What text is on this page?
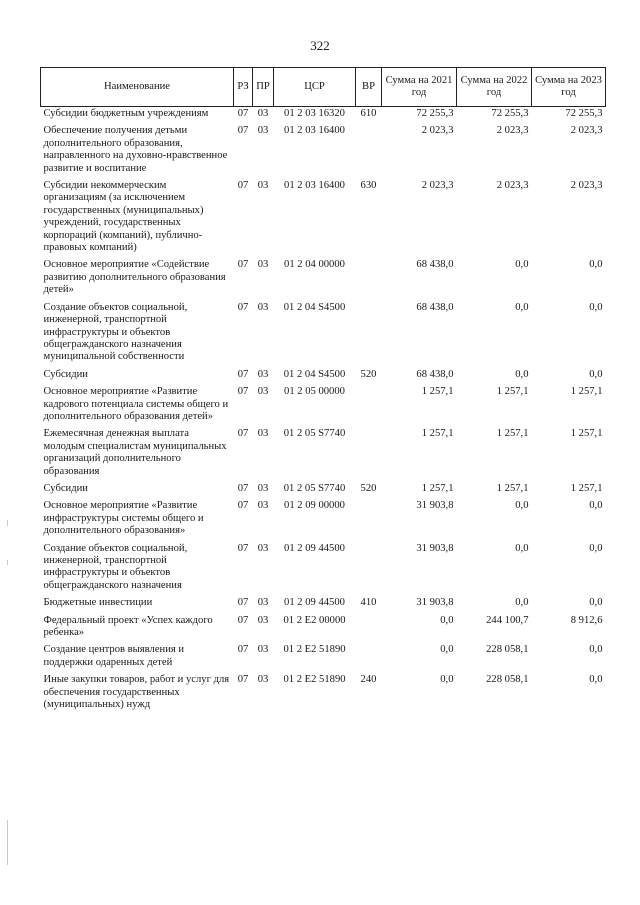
322
Наименование	РЗ	ПР	ЦСР	ВР	Сумма на 2021 год	Сумма на 2022 год	Сумма на 2023 год
Субсидии бюджетным учреждениям	07	03	01 2 03 16320	610	72 255,3	72 255,3	72 255,3
Обеспечение получения детьми дополнительного образования, направленного на духовно-нравственное развитие и воспитание	07	03	01 2 03 16400		2 023,3	2 023,3	2 023,3
Субсидии некоммерческим организациям (за исключением государственных (муниципальных) учреждений, государственных корпораций (компаний), публично-правовых компаний)	07	03	01 2 03 16400	630	2 023,3	2 023,3	2 023,3
Основное мероприятие «Содействие развитию дополнительного образования детей»	07	03	01 2 04 00000		68 438,0	0,0	0,0
Создание объектов социальной, инженерной, транспортной инфраструктуры и объектов общегражданского назначения муниципальной собственности	07	03	01 2 04 S4500		68 438,0	0,0	0,0
Субсидии	07	03	01 2 04 S4500	520	68 438,0	0,0	0,0
Основное мероприятие «Развитие кадрового потенциала системы общего и дополнительного образования детей»	07	03	01 2 05 00000		1 257,1	1 257,1	1 257,1
Ежемесячная денежная выплата молодым специалистам муниципальных организаций дополнительного образования	07	03	01 2 05 S7740		1 257,1	1 257,1	1 257,1
Субсидии	07	03	01 2 05 S7740	520	1 257,1	1 257,1	1 257,1
Основное мероприятие «Развитие инфраструктуры системы общего и дополнительного образования»	07	03	01 2 09 00000		31 903,8	0,0	0,0
Создание объектов социальной, инженерной, транспортной инфраструктуры и объектов общегражданского назначения	07	03	01 2 09 44500		31 903,8	0,0	0,0
Бюджетные инвестиции	07	03	01 2 09 44500	410	31 903,8	0,0	0,0
Федеральный проект «Успех каждого ребенка»	07	03	01 2 E2 00000		0,0	244 100,7	8 912,6
Создание центров выявления и поддержки одаренных детей	07	03	01 2 E2 51890		0,0	228 058,1	0,0
Иные закупки товаров, работ и услуг для обеспечения государственных (муниципальных) нужд	07	03	01 2 E2 51890	240	0,0	228 058,1	0,0
